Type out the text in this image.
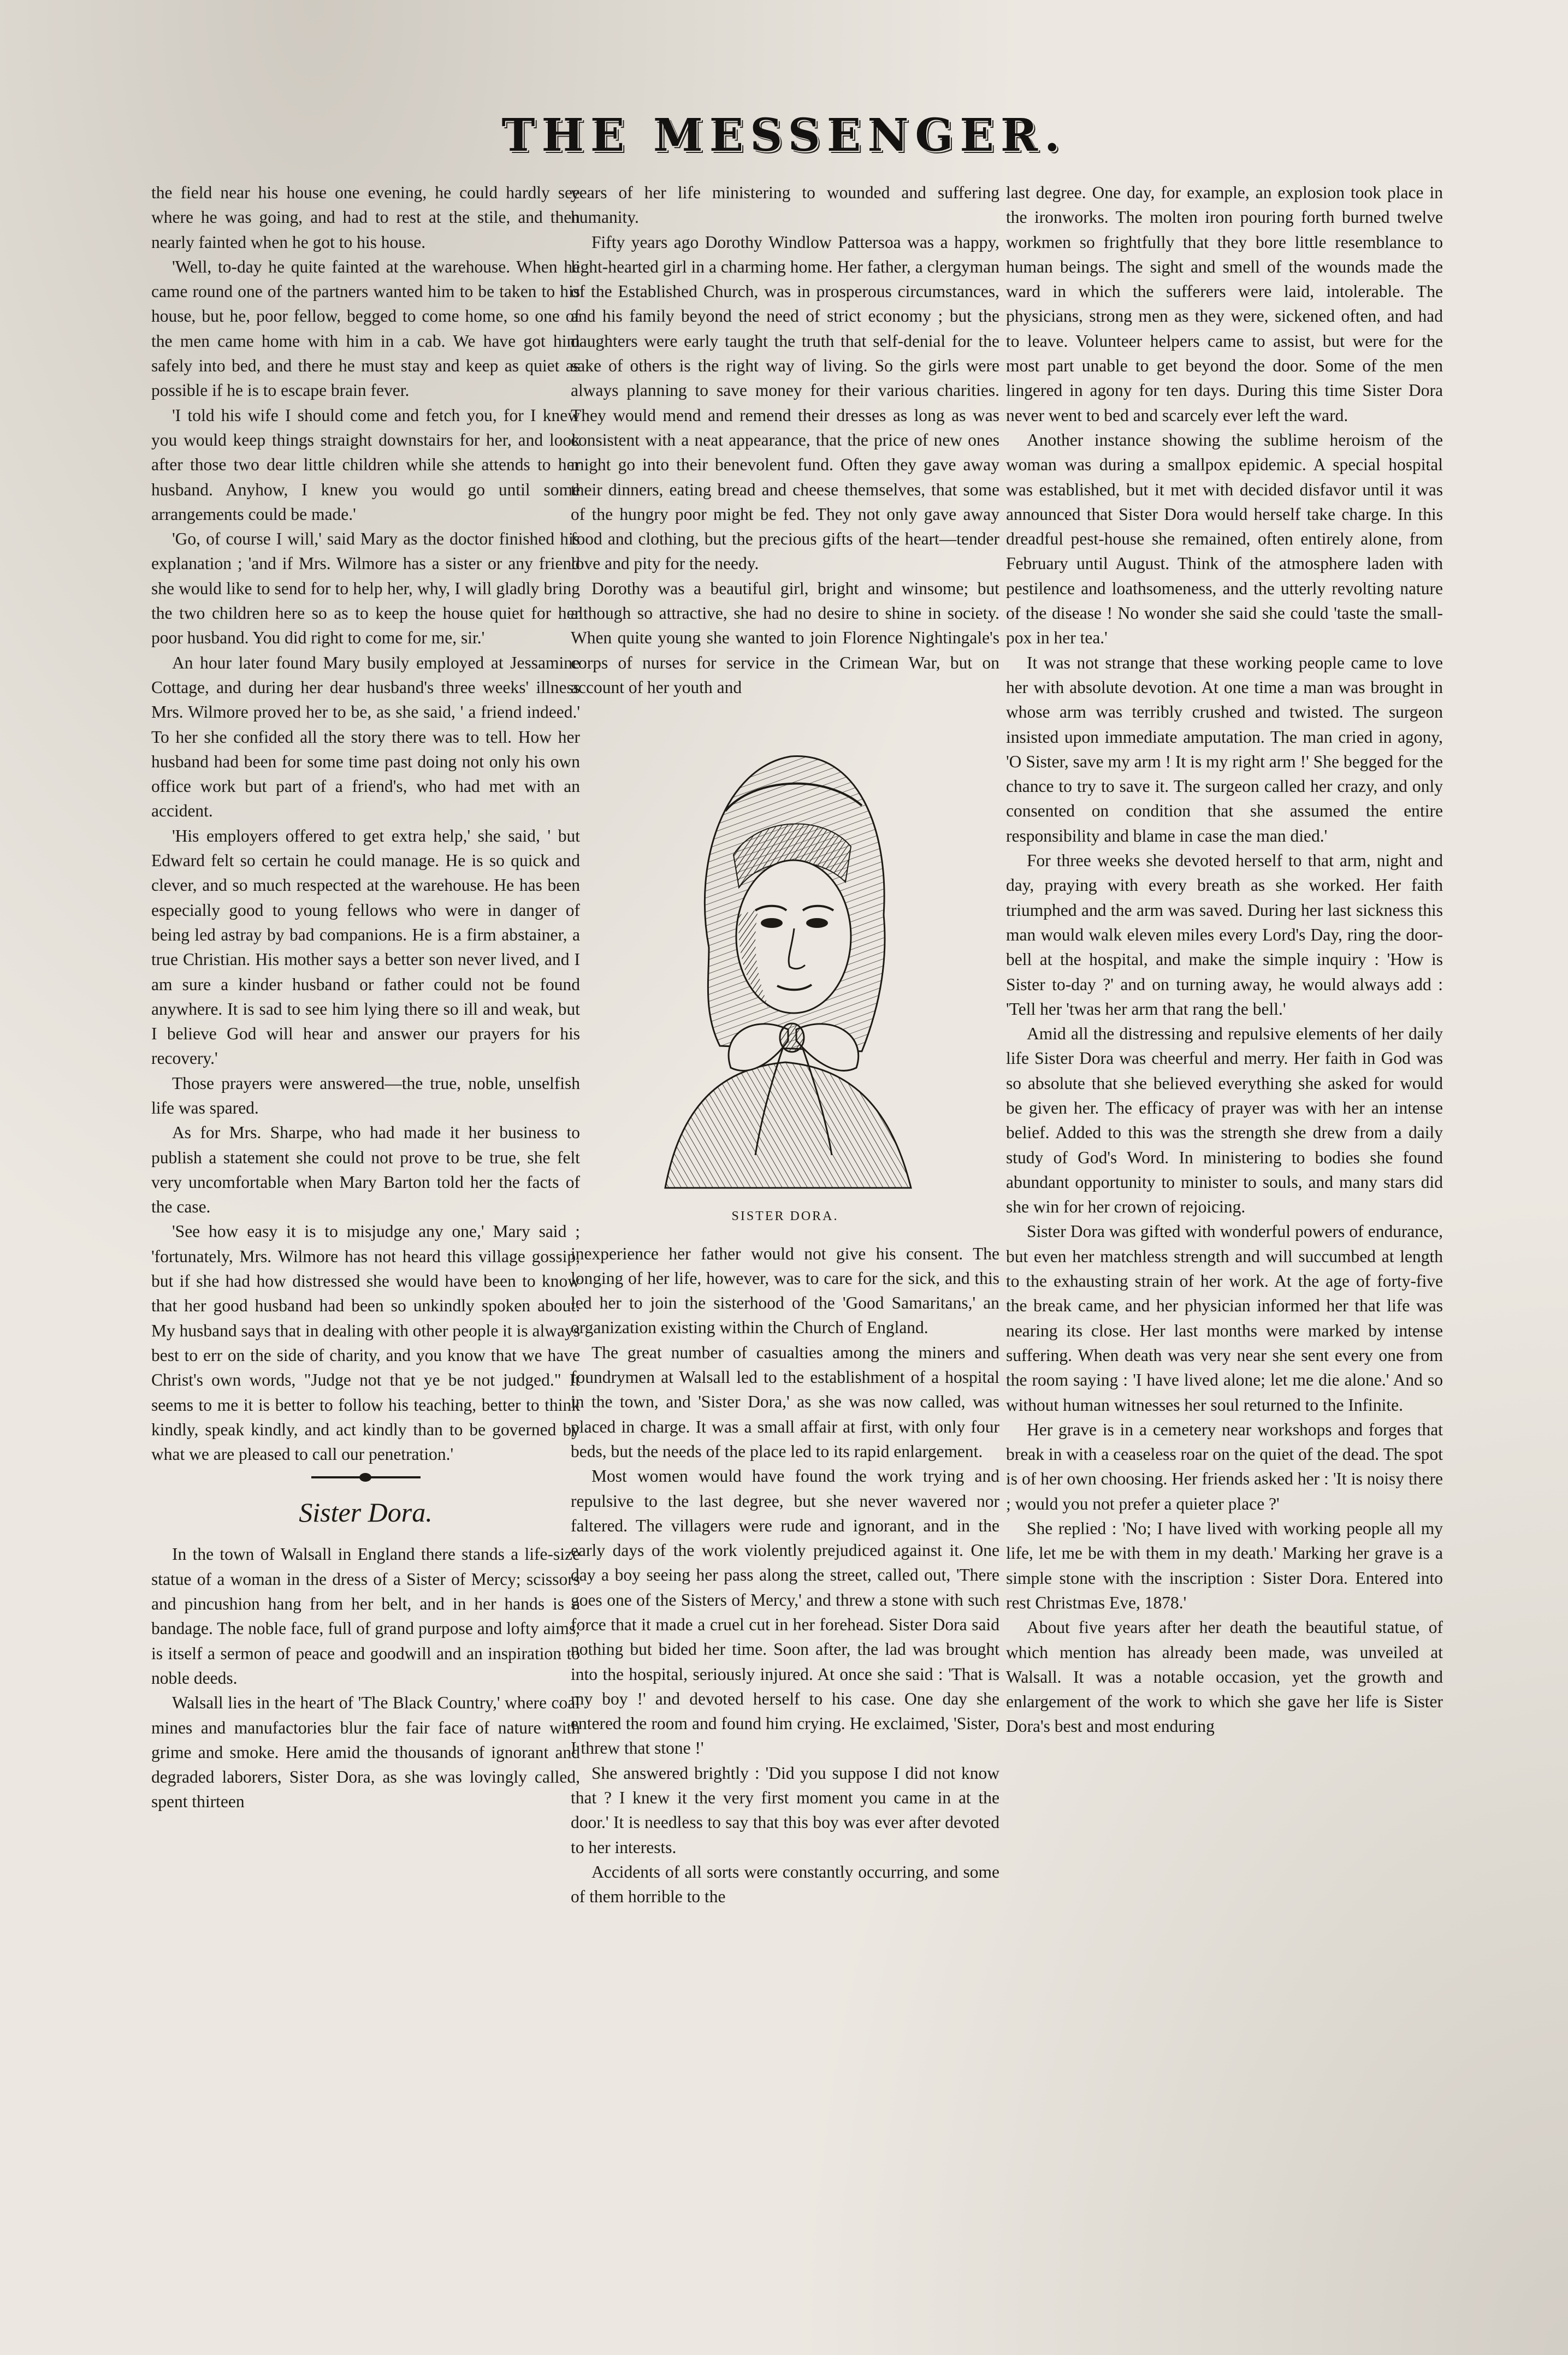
THE MESSENGER.

the field near his house one evening, he could hardly see where he was going, and had to rest at the stile, and then nearly fainted when he got to his house.

'Well, to-day he quite fainted at the warehouse. When he came round one of the partners wanted him to be taken to his house, but he, poor fellow, begged to come home, so one of the men came home with him in a cab. We have got him safely into bed, and there he must stay and keep as quiet as possible if he is to escape brain fever.

'I told his wife I should come and fetch you, for I knew you would keep things straight downstairs for her, and look after those two dear little children while she attends to her husband. Anyhow, I knew you would go until some arrangements could be made.'

'Go, of course I will,' said Mary as the doctor finished his explanation ; 'and if Mrs. Wilmore has a sister or any friend she would like to send for to help her, why, I will gladly bring the two children here so as to keep the house quiet for her poor husband. You did right to come for me, sir.'

An hour later found Mary busily employed at Jessamine Cottage, and during her dear husband's three weeks' illness Mrs. Wilmore proved her to be, as she said, ' a friend indeed.' To her she confided all the story there was to tell. How her husband had been for some time past doing not only his own office work but part of a friend's, who had met with an accident.

'His employers offered to get extra help,' she said, ' but Edward felt so certain he could manage. He is so quick and clever, and so much respected at the warehouse. He has been especially good to young fellows who were in danger of being led astray by bad companions. He is a firm abstainer, a true Christian. His mother says a better son never lived, and I am sure a kinder husband or father could not be found anywhere. It is sad to see him lying there so ill and weak, but I believe God will hear and answer our prayers for his recovery.'

Those prayers were answered—the true, noble, unselfish life was spared.

As for Mrs. Sharpe, who had made it her business to publish a statement she could not prove to be true, she felt very uncomfortable when Mary Barton told her the facts of the case.

'See how easy it is to misjudge any one,' Mary said ; 'fortunately, Mrs. Wilmore has not heard this village gossip, but if she had how distressed she would have been to know that her good husband had been so unkindly spoken about. My husband says that in dealing with other people it is always best to err on the side of charity, and you know that we have Christ's own words, "Judge not that ye be not judged." It seems to me it is better to follow his teaching, better to think kindly, speak kindly, and act kindly than to be governed by what we are pleased to call our penetration.'

Sister Dora.

In the town of Walsall in England there stands a life-size statue of a woman in the dress of a Sister of Mercy; scissors and pincushion hang from her belt, and in her hands is a bandage. The noble face, full of grand purpose and lofty aims, is itself a sermon of peace and goodwill and an inspiration to noble deeds.

Walsall lies in the heart of 'The Black Country,' where coal mines and manufactories blur the fair face of nature with grime and smoke. Here amid the thousands of ignorant and degraded laborers, Sister Dora, as she was lovingly called, spent thirteen

years of her life ministering to wounded and suffering humanity.

Fifty years ago Dorothy Windlow Pattersoa was a happy, light-hearted girl in a charming home. Her father, a clergyman of the Established Church, was in prosperous circumstances, and his family beyond the need of strict economy ; but the daughters were early taught the truth that self-denial for the sake of others is the right way of living. So the girls were always planning to save money for their various charities. They would mend and remend their dresses as long as was consistent with a neat appearance, that the price of new ones might go into their benevolent fund. Often they gave away their dinners, eating bread and cheese themselves, that some of the hungry poor might be fed. They not only gave away food and clothing, but the precious gifts of the heart—tender love and pity for the needy.

Dorothy was a beautiful girl, bright and winsome; but although so attractive, she had no desire to shine in society. When quite young she wanted to join Florence Nightingale's corps of nurses for service in the Crimean War, but on account of her youth and

SISTER DORA.

inexperience her father would not give his consent. The longing of her life, however, was to care for the sick, and this led her to join the sisterhood of the 'Good Samaritans,' an organization existing within the Church of England.

The great number of casualties among the miners and foundrymen at Walsall led to the establishment of a hospital in the town, and 'Sister Dora,' as she was now called, was placed in charge. It was a small affair at first, with only four beds, but the needs of the place led to its rapid enlargement.

Most women would have found the work trying and repulsive to the last degree, but she never wavered nor faltered. The villagers were rude and ignorant, and in the early days of the work violently prejudiced against it. One day a boy seeing her pass along the street, called out, 'There goes one of the Sisters of Mercy,' and threw a stone with such force that it made a cruel cut in her forehead. Sister Dora said nothing but bided her time. Soon after, the lad was brought into the hospital, seriously injured. At once she said : 'That is my boy !' and devoted herself to his case. One day she entered the room and found him crying. He exclaimed, 'Sister, I threw that stone !'

She answered brightly : 'Did you suppose I did not know that ? I knew it the very first moment you came in at the door.' It is needless to say that this boy was ever after devoted to her interests.

Accidents of all sorts were constantly occurring, and some of them horrible to the

last degree. One day, for example, an explosion took place in the ironworks. The molten iron pouring forth burned twelve workmen so frightfully that they bore little resemblance to human beings. The sight and smell of the wounds made the ward in which the sufferers were laid, intolerable. The physicians, strong men as they were, sickened often, and had to leave. Volunteer helpers came to assist, but were for the most part unable to get beyond the door. Some of the men lingered in agony for ten days. During this time Sister Dora never went to bed and scarcely ever left the ward.

Another instance showing the sublime heroism of the woman was during a smallpox epidemic. A special hospital was established, but it met with decided disfavor until it was announced that Sister Dora would herself take charge. In this dreadful pest-house she remained, often entirely alone, from February until August. Think of the atmosphere laden with pestilence and loathsomeness, and the utterly revolting nature of the disease ! No wonder she said she could 'taste the small-pox in her tea.'

It was not strange that these working people came to love her with absolute devotion. At one time a man was brought in whose arm was terribly crushed and twisted. The surgeon insisted upon immediate amputation. The man cried in agony, 'O Sister, save my arm ! It is my right arm !' She begged for the chance to try to save it. The surgeon called her crazy, and only consented on condition that she assumed the entire responsibility and blame in case the man died.'

For three weeks she devoted herself to that arm, night and day, praying with every breath as she worked. Her faith triumphed and the arm was saved. During her last sickness this man would walk eleven miles every Lord's Day, ring the door-bell at the hospital, and make the simple inquiry : 'How is Sister to-day ?' and on turning away, he would always add : 'Tell her 'twas her arm that rang the bell.'

Amid all the distressing and repulsive elements of her daily life Sister Dora was cheerful and merry. Her faith in God was so absolute that she believed everything she asked for would be given her. The efficacy of prayer was with her an intense belief. Added to this was the strength she drew from a daily study of God's Word. In ministering to bodies she found abundant opportunity to minister to souls, and many stars did she win for her crown of rejoicing.

Sister Dora was gifted with wonderful powers of endurance, but even her matchless strength and will succumbed at length to the exhausting strain of her work. At the age of forty-five the break came, and her physician informed her that life was nearing its close. Her last months were marked by intense suffering. When death was very near she sent every one from the room saying : 'I have lived alone; let me die alone.' And so without human witnesses her soul returned to the Infinite.

Her grave is in a cemetery near workshops and forges that break in with a ceaseless roar on the quiet of the dead. The spot is of her own choosing. Her friends asked her : 'It is noisy there ; would you not prefer a quieter place ?'

She replied : 'No; I have lived with working people all my life, let me be with them in my death.' Marking her grave is a simple stone with the inscription : Sister Dora. Entered into rest Christmas Eve, 1878.'

About five years after her death the beautiful statue, of which mention has already been made, was unveiled at Walsall. It was a notable occasion, yet the growth and enlargement of the work to which she gave her life is Sister Dora's best and most enduring
